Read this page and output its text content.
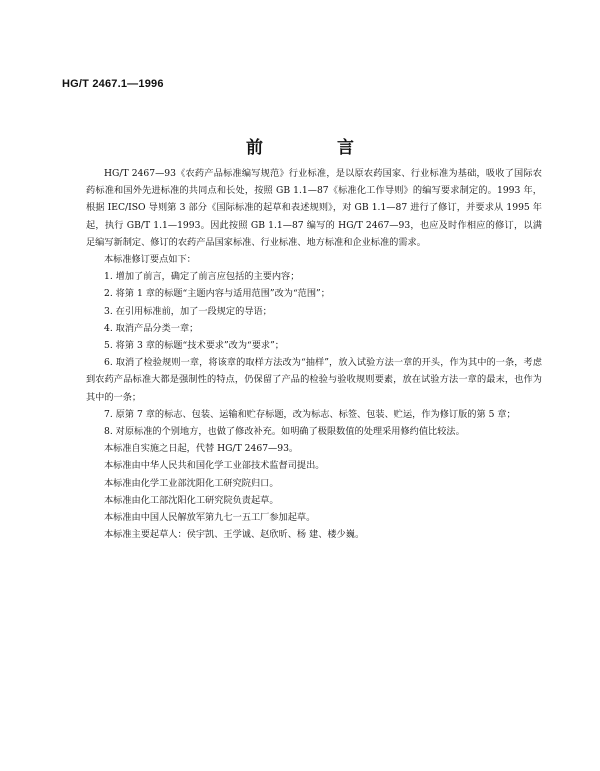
HG/T 2467.1—1996
前 言

HG/T 2467—93《农药产品标准编写规范》行业标准，是以原农药国家、行业标准为基础，吸收了国际农药标准和国外先进标准的共同点和长处，按照 GB 1.1—87《标准化工作导则》的编写要求制定的。1993 年，根据 IEC/ISO 导则第 3 部分《国际标准的起草和表述规则》，对 GB 1.1—87 进行了修订，并要求从 1995 年起，执行 GB/T 1.1—1993。因此按照 GB 1.1—87 编写的 HG/T 2467—93，也应及时作相应的修订，以满足编写新制定、修订的农药产品国家标准、行业标准、地方标准和企业标准的需求。

本标准修订要点如下：

1. 增加了前言，确定了前言应包括的主要内容；

2. 将第 1 章的标题“主题内容与适用范围”改为“范围”；

3. 在引用标准前，加了一段规定的导语；

4. 取消产品分类一章；

5. 将第 3 章的标题“技术要求”改为“要求”；

6. 取消了检验规则一章，将该章的取样方法改为“抽样”，放入试验方法一章的开头，作为其中的一条，考虑到农药产品标准大都是强制性的特点，仍保留了产品的检验与验收规则要素，放在试验方法一章的最末，也作为其中的一条；

7. 原第 7 章的标志、包装、运输和贮存标题，改为标志、标签、包装、贮运，作为修订版的第 5 章；

8. 对原标准的个别地方，也做了修改补充。如明确了极限数值的处理采用修约值比较法。

本标准自实施之日起，代替 HG/T 2467—93。

本标准由中华人民共和国化学工业部技术监督司提出。

本标准由化学工业部沈阳化工研究院归口。

本标准由化工部沈阳化工研究院负责起草。

本标准由中国人民解放军第九七一五工厂参加起草。

本标准主要起草人：侯宇凯、王学诚、赵欣昕、杨 建、楼少巍。
